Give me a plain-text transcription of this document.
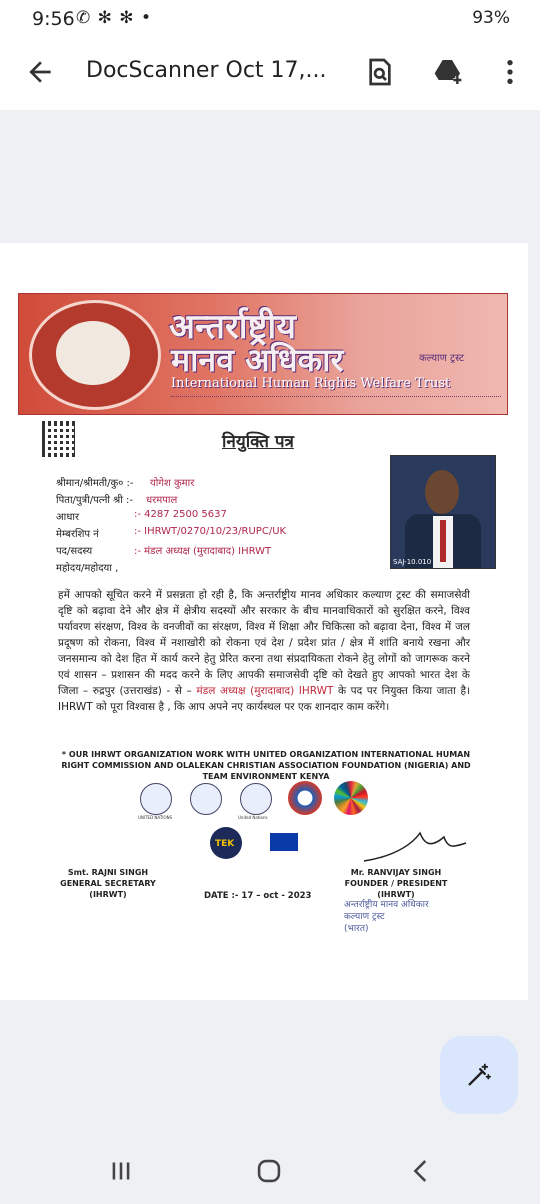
9:56 ✆ ✻ ✻ •	93%
DocScanner Oct 17,...
अन्तर्राष्ट्रीय
मानव अधिकार	कल्याण ट्रस्ट
International Human Rights Welfare Trust
नियुक्ति पत्र
SAJ-10.010
श्रीमान/श्रीमती/कु० :- योगेश कुमार
पिता/पुत्री/पत्नी श्री :- धरमपाल
आधार	:- 4287 2500 5637
मेम्बरशिप नं	:- IHRWT/0270/10/23/RUPC/UK
पद/सदस्य	:- मंडल अध्यक्ष (मुरादाबाद) IHRWT
महोदय/महोदया ,
हमें आपको सूचित करने में प्रसन्नता हो रही है, कि अन्तर्राष्ट्रीय मानव अधिकार कल्याण ट्रस्ट की समाजसेवी दृष्टि को बढ़ावा देने और क्षेत्र में क्षेत्रीय सदस्यों और सरकार के बीच मानवाधिकारों को सुरक्षित करने, विश्व पर्यावरण संरक्षण, विश्व के वनजीवों का संरक्षण, विश्व में शिक्षा और चिकित्सा को बढ़ावा देना, विश्व में जल प्रदूषण को रोकना, विश्व में नशाखोरी को रोकना एवं देश / प्रदेश प्रांत / क्षेत्र में शांति बनाये रखना और जनसमान्य को देश हित में कार्य करने हेतु प्रेरित करना तथा संप्रदायिकता रोकने हेतु लोगों को जागरूक करने एवं शासन – प्रशासन की मदद करने के लिए आपकी समाजसेवी दृष्टि को देखते हुए आपको भारत देश के जिला – रुद्रपुर (उत्तराखंड) - से – मंडल अध्यक्ष (मुरादाबाद) IHRWT के पद पर नियुक्त किया जाता है। IHRWT को पूरा विश्वास है , कि आप अपने नए कार्यस्थल पर एक शानदार काम करेंगे।
* OUR IHRWT ORGANIZATION WORK WITH UNITED ORGANIZATION INTERNATIONAL HUMAN RIGHT COMMISSION AND OLALEKAN CHRISTIAN ASSOCIATION FOUNDATION (NIGERIA) AND TEAM ENVIRONMENT KENYA
UNITED NATIONS	United Nations
TEK
Smt. RAJNI SINGH
GENERAL SECRETARY
(IHRWT)	DATE :- 17 – oct - 2023
Mr. RANVIJAY SINGH
FOUNDER / PRESIDENT
(IHRWT)
अन्तर्राष्ट्रीय मानव अधिकार
कल्याण ट्रस्ट
(भारत)
